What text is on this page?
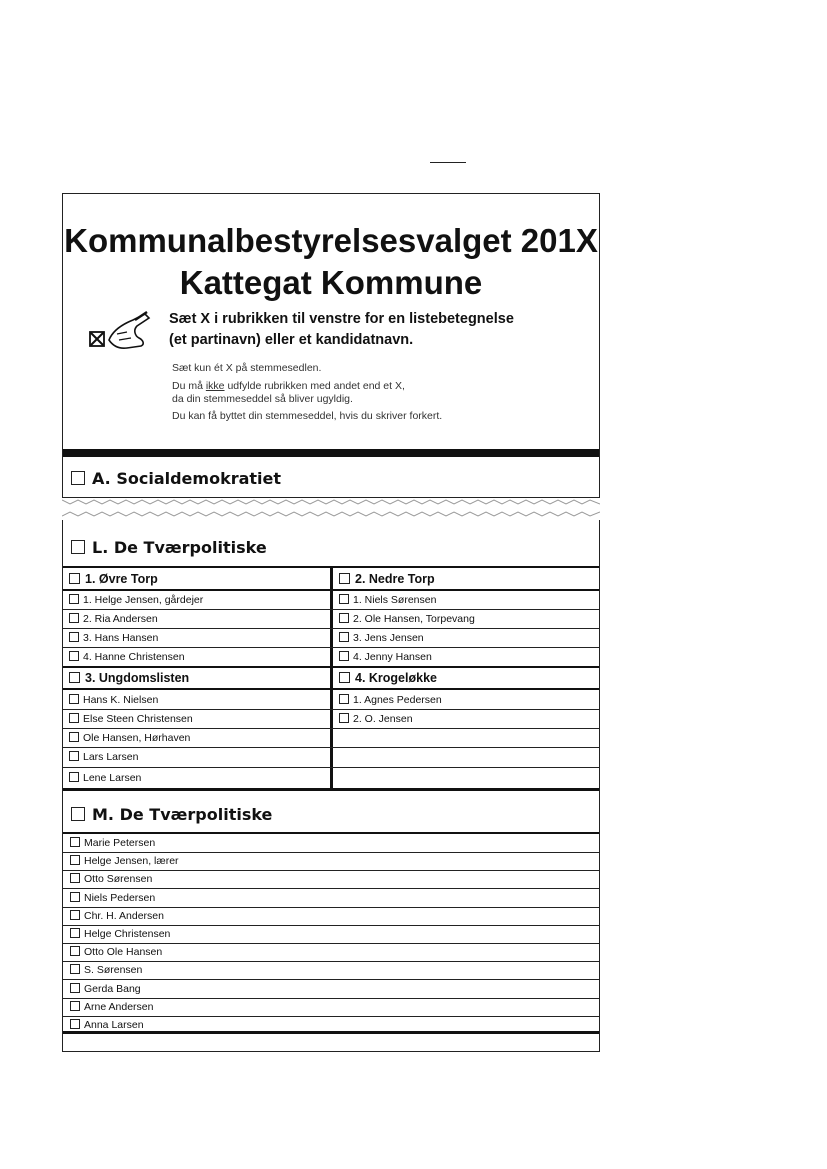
Kommunalbestyrelsesvalget 201X
Kattegat Kommune
Sæt X i rubrikken til venstre for en listebetegnelse
(et partinavn) eller et kandidatnavn.
Sæt kun ét X på stemmesedlen.
Du må ikke udfylde rubrikken med andet end et X,
da din stemmeseddel så bliver ugyldig.
Du kan få byttet din stemmeseddel, hvis du skriver forkert.
A. Socialdemokratiet
L. De Tværpolitiske
1. Øvre Torp
1. Helge Jensen, gårdejer
2. Ria Andersen
3. Hans Hansen
4. Hanne Christensen
2. Nedre Torp
1. Niels Sørensen
2. Ole Hansen, Torpevang
3. Jens Jensen
4. Jenny Hansen
3. Ungdomslisten
Hans K. Nielsen
Else Steen Christensen
Ole Hansen, Hørhaven
Lars Larsen
Lene Larsen
4. Krogeløkke
1. Agnes Pedersen
2. O. Jensen
M. De Tværpolitiske
Marie Petersen
Helge Jensen, lærer
Otto Sørensen
Niels Pedersen
Chr. H. Andersen
Helge Christensen
Otto Ole Hansen
S. Sørensen
Gerda Bang
Arne Andersen
Anna Larsen
